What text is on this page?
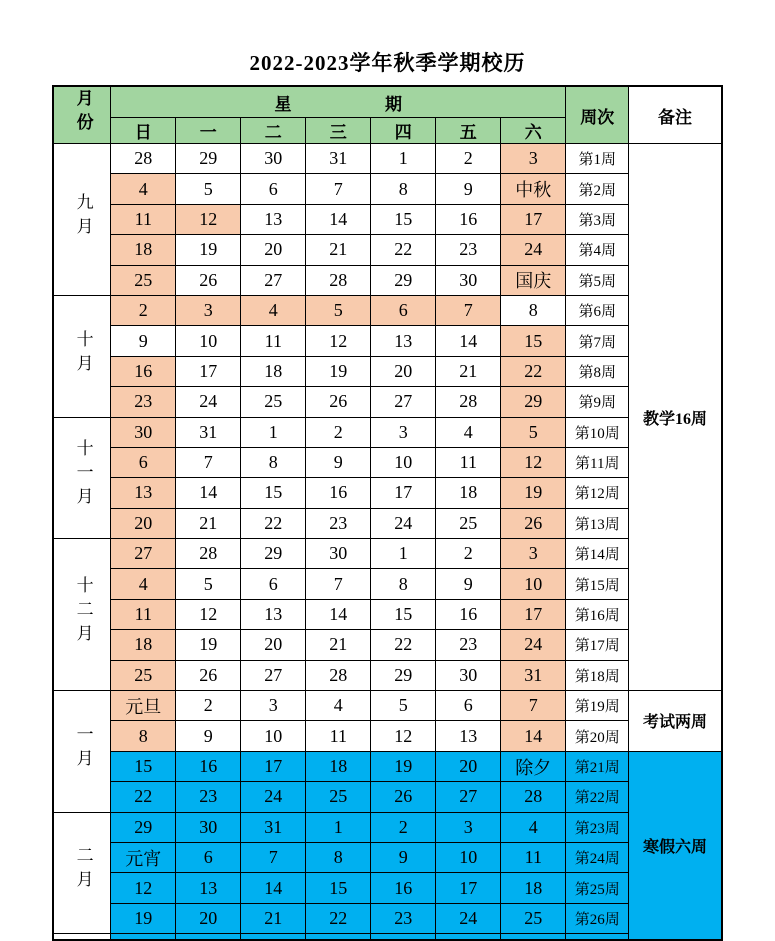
2022-2023学年秋季学期校历
月份	星期							周次	备注
	日	一	二	三	四	五	六		
九月	28	29	30	31	1	2	3	第1周	教学16周
	4	5	6	7	8	9	中秋	第2周	
	11	12	13	14	15	16	17	第3周	
	18	19	20	21	22	23	24	第4周	
	25	26	27	28	29	30	国庆	第5周	
十月	2	3	4	5	6	7	8	第6周	
	9	10	11	12	13	14	15	第7周	
	16	17	18	19	20	21	22	第8周	
	23	24	25	26	27	28	29	第9周	
十一月	30	31	1	2	3	4	5	第10周	
	6	7	8	9	10	11	12	第11周	
	13	14	15	16	17	18	19	第12周	
	20	21	22	23	24	25	26	第13周	
十二月	27	28	29	30	1	2	3	第14周	
	4	5	6	7	8	9	10	第15周	
	11	12	13	14	15	16	17	第16周	
	18	19	20	21	22	23	24	第17周	
	25	26	27	28	29	30	31	第18周	
一月	元旦	2	3	4	5	6	7	第19周	考试两周
	8	9	10	11	12	13	14	第20周	
	15	16	17	18	19	20	除夕	第21周	寒假六周
	22	23	24	25	26	27	28	第22周	
二月	29	30	31	1	2	3	4	第23周	
	元宵	6	7	8	9	10	11	第24周	
	12	13	14	15	16	17	18	第25周	
	19	20	21	22	23	24	25	第26周	
